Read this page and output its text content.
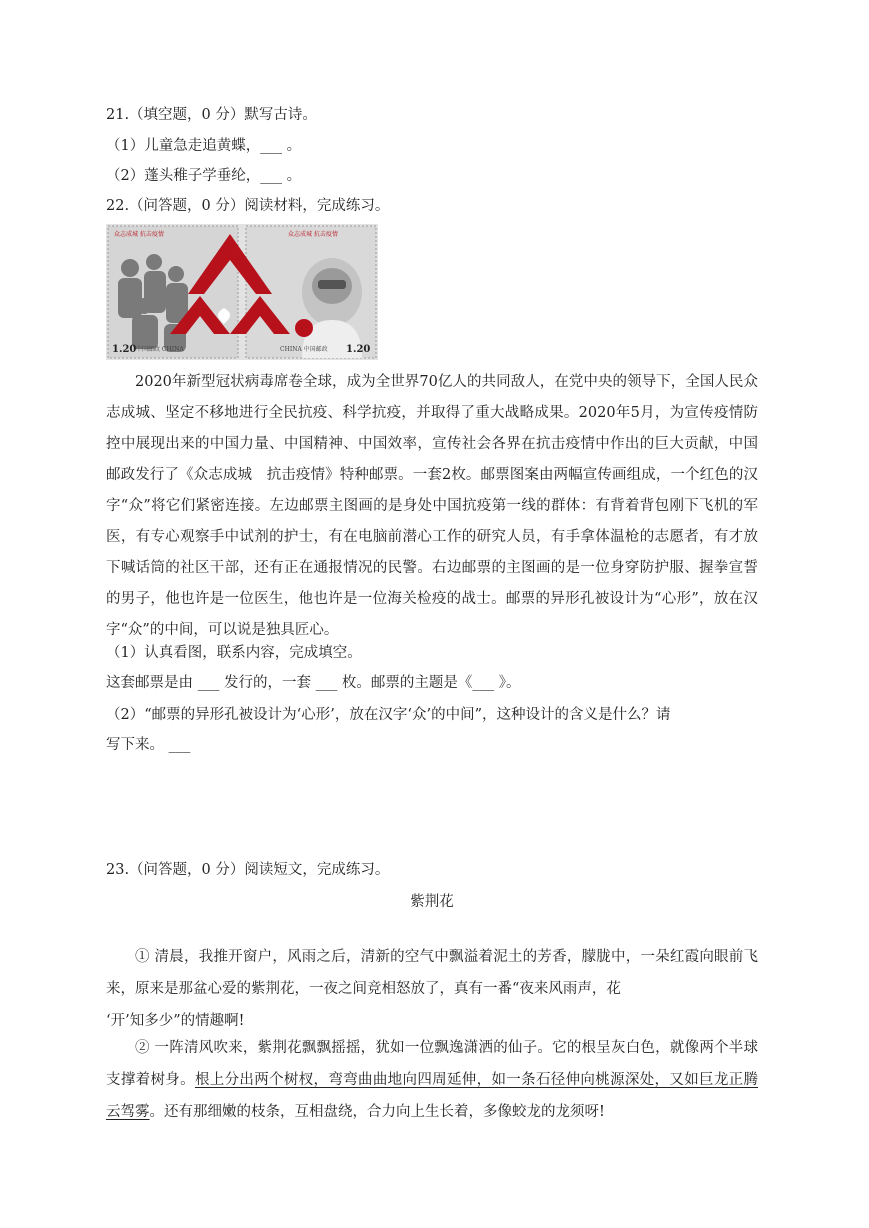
21.（填空题，0 分）默写古诗。
（1）儿童急走追黄蝶，___ 。
（2）蓬头稚子学垂纶，___ 。
22.（问答题，0 分）阅读材料，完成练习。
众志成城 抗击疫情	众志成城 抗击疫情
1.20 中国邮政 CHINA	1.20
CHINA 中国邮政

2020年新型冠状病毒席卷全球，成为全世界70亿人的共同敌人，在党中央的领导下，全国人民众志成城、坚定不移地进行全民抗疫、科学抗疫，并取得了重大战略成果。2020年5月，为宣传疫情防控中展现出来的中国力量、中国精神、中国效率，宣传社会各界在抗击疫情中作出的巨大贡献，中国邮政发行了《众志成城　抗击疫情》特种邮票。一套2枚。邮票图案由两幅宣传画组成，一个红色的汉字“众”将它们紧密连接。左边邮票主图画的是身处中国抗疫第一线的群体：有背着背包刚下飞机的军医，有专心观察手中试剂的护士，有在电脑前潜心工作的研究人员，有手拿体温枪的志愿者，有才放下喊话筒的社区干部，还有正在通报情况的民警。右边邮票的主图画的是一位身穿防护服、握拳宣誓的男子，他也许是一位医生，他也许是一位海关检疫的战士。邮票的异形孔被设计为“心形”，放在汉字“众”的中间，可以说是独具匠心。

（1）认真看图，联系内容，完成填空。
这套邮票是由 ___ 发行的，一套 ___ 枚。邮票的主题是《___ 》。
（2）“邮票的异形孔被设计为‘心形’，放在汉字‘众’的中间”，这种设计的含义是什么？请
写下来。 ___
23.（问答题，0 分）阅读短文，完成练习。
紫荆花

① 清晨，我推开窗户，风雨之后，清新的空气中飘溢着泥土的芳香，朦胧中，一朵红霞向眼前飞来，原来是那盆心爱的紫荆花，一夜之间竞相怒放了，真有一番“夜来风雨声，花

‘开’知多少”的情趣啊!

② 一阵清风吹来，紫荆花飘飘摇摇，犹如一位飘逸潇洒的仙子。它的根呈灰白色，就像两个半球支撑着树身。根上分出两个树杈，弯弯曲曲地向四周延伸，如一条石径伸向桃源深处，又如巨龙正腾云驾雾。还有那细嫩的枝条，互相盘绕，合力向上生长着，多像蛟龙的龙须呀!
